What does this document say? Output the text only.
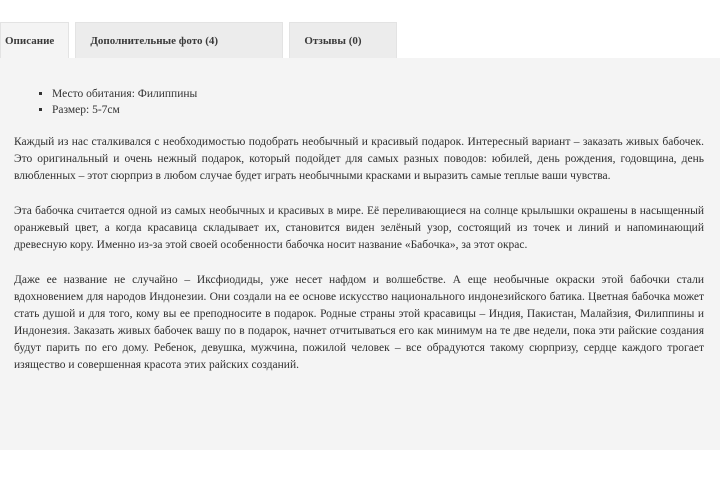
Описание	Дополнительные фото (4)	Отзывы (0)
▪ Место обитания: Филиппины
▪ Размер: 5-7см

Каждый из нас сталкивался с необходимостью подобрать необычный и красивый подарок. Интересный вариант – заказать живых бабочек. Это оригинальный и очень нежный подарок, который подойдет для самых разных поводов: юбилей, день рождения, годовщина, день влюбленных – этот сюрприз в любом случае будет играть необычными красками и выразить самые теплые ваши чувства.

Эта бабочка считается одной из самых необычных и красивых в мире. Её переливающиеся на солнце крылышки окрашены в насыщенный оранжевый цвет, а когда красавица складывает их, становится виден зелёный узор, состоящий из точек и линий и напоминающий древесную кору. Именно из-за этой своей особенности бабочка носит название «Бабочка», за этот окрас.

Даже ее название не случайно – Иксфиодиды, уже несет нафдом и волшебстве. А еще необычные окраски этой бабочки стали вдохновением для народов Индонезии. Они создали на ее основе искусство национального индонезийского батика. Цветная бабочка может стать душой и для того, кому вы ее преподносите в подарок. Родные страны этой красавицы – Индия, Пакистан, Малайзия, Филиппины и Индонезия. Заказать живых бабочек вашу по в подарок, начнет отчитываться его как минимум на те две недели, пока эти райские создания будут парить по его дому. Ребенок, девушка, мужчина, пожилой человек – все обрадуются такому сюрпризу, сердце каждого трогает изящество и совершенная красота этих райских созданий.
